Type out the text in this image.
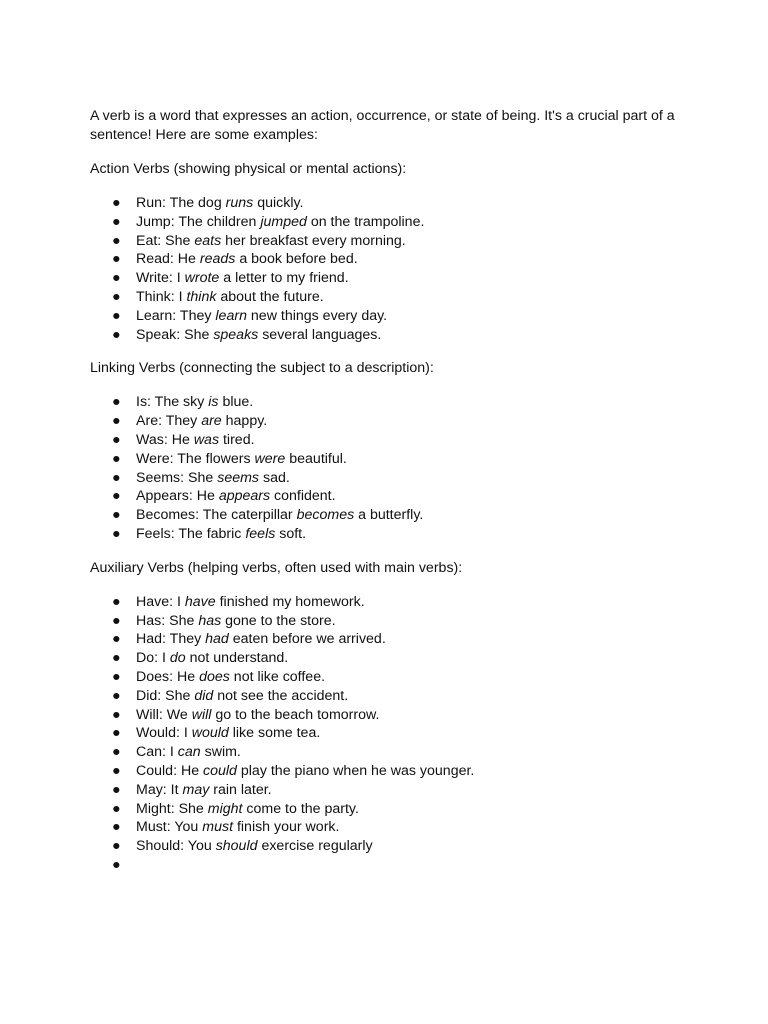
A verb is a word that expresses an action, occurrence, or state of being. It's a crucial part of a sentence! Here are some examples:

Action Verbs (showing physical or mental actions):

● Run: The dog runs quickly.
● Jump: The children jumped on the trampoline.
● Eat: She eats her breakfast every morning.
● Read: He reads a book before bed.
● Write: I wrote a letter to my friend.
● Think: I think about the future.
● Learn: They learn new things every day.
● Speak: She speaks several languages.

Linking Verbs (connecting the subject to a description):

● Is: The sky is blue.
● Are: They are happy.
● Was: He was tired.
● Were: The flowers were beautiful.
● Seems: She seems sad.
● Appears: He appears confident.
● Becomes: The caterpillar becomes a butterfly.
● Feels: The fabric feels soft.

Auxiliary Verbs (helping verbs, often used with main verbs):

● Have: I have finished my homework.
● Has: She has gone to the store.
● Had: They had eaten before we arrived.
● Do: I do not understand.
● Does: He does not like coffee.
● Did: She did not see the accident.
● Will: We will go to the beach tomorrow.
● Would: I would like some tea.
● Can: I can swim.
● Could: He could play the piano when he was younger.
● May: It may rain later.
● Might: She might come to the party.
● Must: You must finish your work.
● Should: You should exercise regularly
●
